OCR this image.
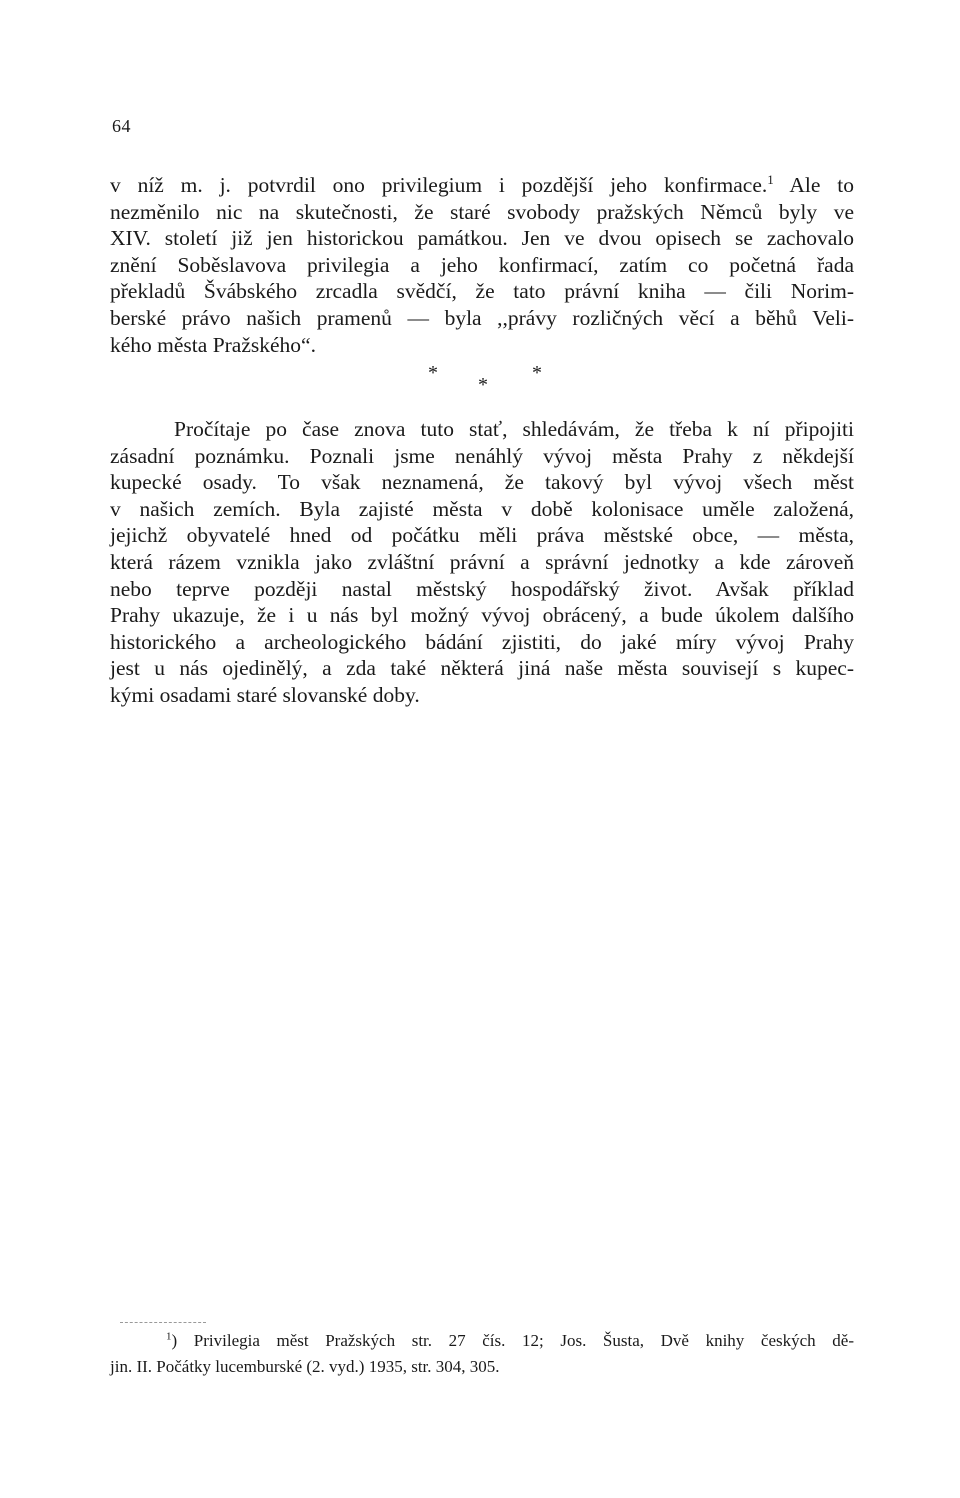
64
v níž m. j. potvrdil ono privilegium i pozdější jeho konfirmace.$^1$ Ale to
nezměnilo nic na skutečnosti, že staré svobody pražských Němců byly ve
XIV. století již jen historickou památkou. Jen ve dvou opisech se zachovalo
znění Soběslavova privilegia a jeho konfirmací, zatím co početná řada
překladů Švábského zrcadla svědčí, že tato právní kniha — čili Norim-
berské právo našich pramenů — byla ,,právy rozličných věcí a běhů Veli-
kého města Pražského“.
*
*
*
Pročítaje po čase znova tuto stať, shledávám, že třeba k ní připojiti
zásadní poznámku. Poznali jsme nenáhlý vývoj města Prahy z někdejší
kupecké osady. To však neznamená, že takový byl vývoj všech měst
v našich zemích. Byla zajisté města v době kolonisace uměle založená,
jejichž obyvatelé hned od počátku měli práva městské obce, — města,
která rázem vznikla jako zvláštní právní a správní jednotky a kde zároveň
nebo teprve později nastal městský hospodářský život. Avšak příklad
Prahy ukazuje, že i u nás byl možný vývoj obrácený, a bude úkolem dalšího
historického a archeologického bádání zjistiti, do jaké míry vývoj Prahy
jest u nás ojedinělý, a zda také některá jiná naše města souvisejí s kupec-
kými osadami staré slovanské doby.
$^1$) Privilegia měst Pražských str. 27 čís. 12; Jos. Šusta, Dvě knihy českých dě-
jin. II. Počátky lucemburské (2. vyd.) 1935, str. 304, 305.
